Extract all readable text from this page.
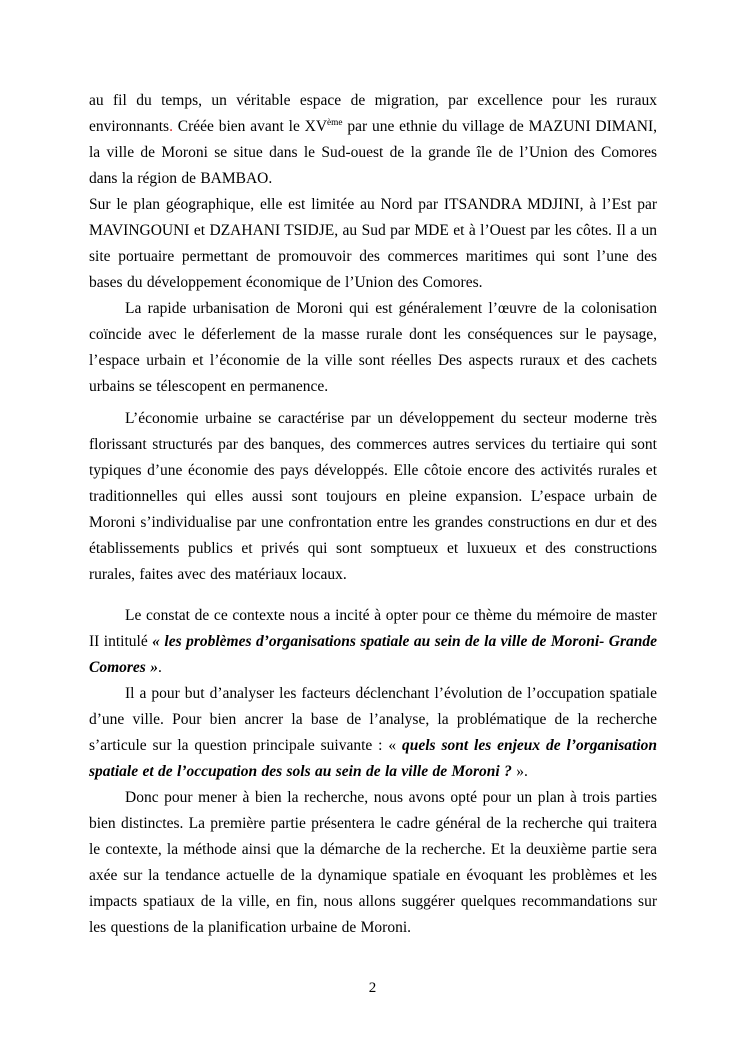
au fil du temps, un véritable espace de migration, par excellence pour les ruraux environnants. Créée bien avant le XVème par une ethnie du village de MAZUNI DIMANI, la ville de Moroni se situe dans le Sud-ouest de la grande île de l’Union des Comores dans la région de BAMBAO.

Sur le plan géographique, elle est limitée au Nord par ITSANDRA MDJINI, à l’Est par MAVINGOUNI et DZAHANI TSIDJE, au Sud par MDE et à l’Ouest par les côtes. Il a un site portuaire permettant de promouvoir des commerces maritimes qui sont l’une des bases du développement économique de l’Union des Comores.

La rapide urbanisation de Moroni qui est généralement l’œuvre de la colonisation coïncide avec le déferlement de la masse rurale dont les conséquences sur le paysage, l’espace urbain et l’économie de la ville sont réelles Des aspects ruraux et des cachets urbains se télescopent en permanence.

L’économie urbaine se caractérise par un développement du secteur moderne très florissant structurés par des banques, des commerces autres services du tertiaire qui sont typiques d’une économie des pays développés. Elle côtoie encore des activités rurales et traditionnelles qui elles aussi sont toujours en pleine expansion. L’espace urbain de Moroni s’individualise par une confrontation entre les grandes constructions en dur et des établissements publics et privés qui sont somptueux et luxueux et des constructions rurales, faites avec des matériaux locaux.

Le constat de ce contexte nous a incité à opter pour ce thème du mémoire de master II intitulé « les problèmes d’organisations spatiale au sein de la ville de Moroni- Grande Comores ».

Il a pour but d’analyser les facteurs déclenchant l’évolution de l’occupation spatiale d’une ville. Pour bien ancrer la base de l’analyse, la problématique de la recherche s’articule sur la question principale suivante : « quels sont les enjeux de l’organisation spatiale et de l’occupation des sols au sein de la ville de Moroni ? ».

Donc pour mener à bien la recherche, nous avons opté pour un plan à trois parties bien distinctes. La première partie présentera le cadre général de la recherche qui traitera le contexte, la méthode ainsi que la démarche de la recherche. Et la deuxième partie sera axée sur la tendance actuelle de la dynamique spatiale en évoquant les problèmes et les impacts spatiaux de la ville, en fin, nous allons suggérer quelques recommandations sur les questions de la planification urbaine de Moroni.

2
